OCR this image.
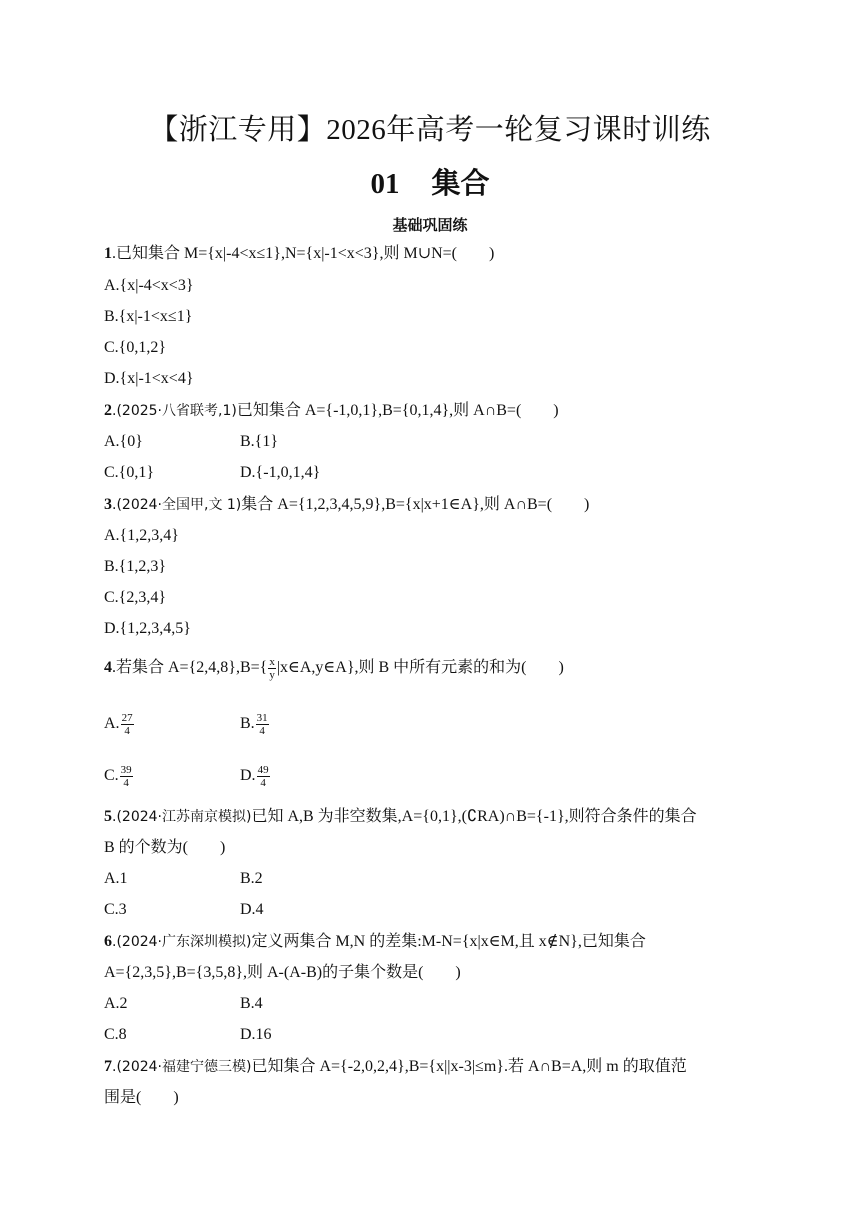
【浙江专用】2026年高考一轮复习课时训练
01 集合
基础巩固练
1.已知集合 M={x|-4<x≤1},N={x|-1<x<3},则 M∪N=(　　)
A.{x|-4<x<3}
B.{x|-1<x≤1}
C.{0,1,2}
D.{x|-1<x<4}
2.(2025·八省联考,1)已知集合 A={-1,0,1},B={0,1,4},则 A∩B=(　　)
A.{0}	B.{1}
C.{0,1}	D.{-1,0,1,4}
3.(2024·全国甲,文 1)集合 A={1,2,3,4,5,9},B={x|x+1∈A},则 A∩B=(　　)
A.{1,2,3,4}
B.{1,2,3}
C.{2,3,4}
D.{1,2,3,4,5}
4.若集合 $A=\{2,4,8\},B=\{ \frac{x}{y}$ |x∈A,y∈A},则 B 中所有元素的和为(　　)
A. $\frac{27}{4}$	B. $\frac{31}{4}$
C. $\frac{39}{4}$	D. $\frac{49}{4}$
5.(2024·江苏南京模拟)已知 A,B 为非空数集,A={0,1},(∁RA)∩B={-1},则符合条件的集合
B 的个数为(　　)
A.1	B.2
C.3	D.4
6.(2024·广东深圳模拟)定义两集合 M,N 的差集:M-N={x|x∈M,且 x∉N},已知集合
A={2,3,5},B={3,5,8},则 A-(A-B)的子集个数是(　　)
A.2	B.4
C.8	D.16
7.(2024·福建宁德三模)已知集合 A={-2,0,2,4},B={x||x-3|≤m}.若 A∩B=A,则 m 的取值范
围是(　　)
